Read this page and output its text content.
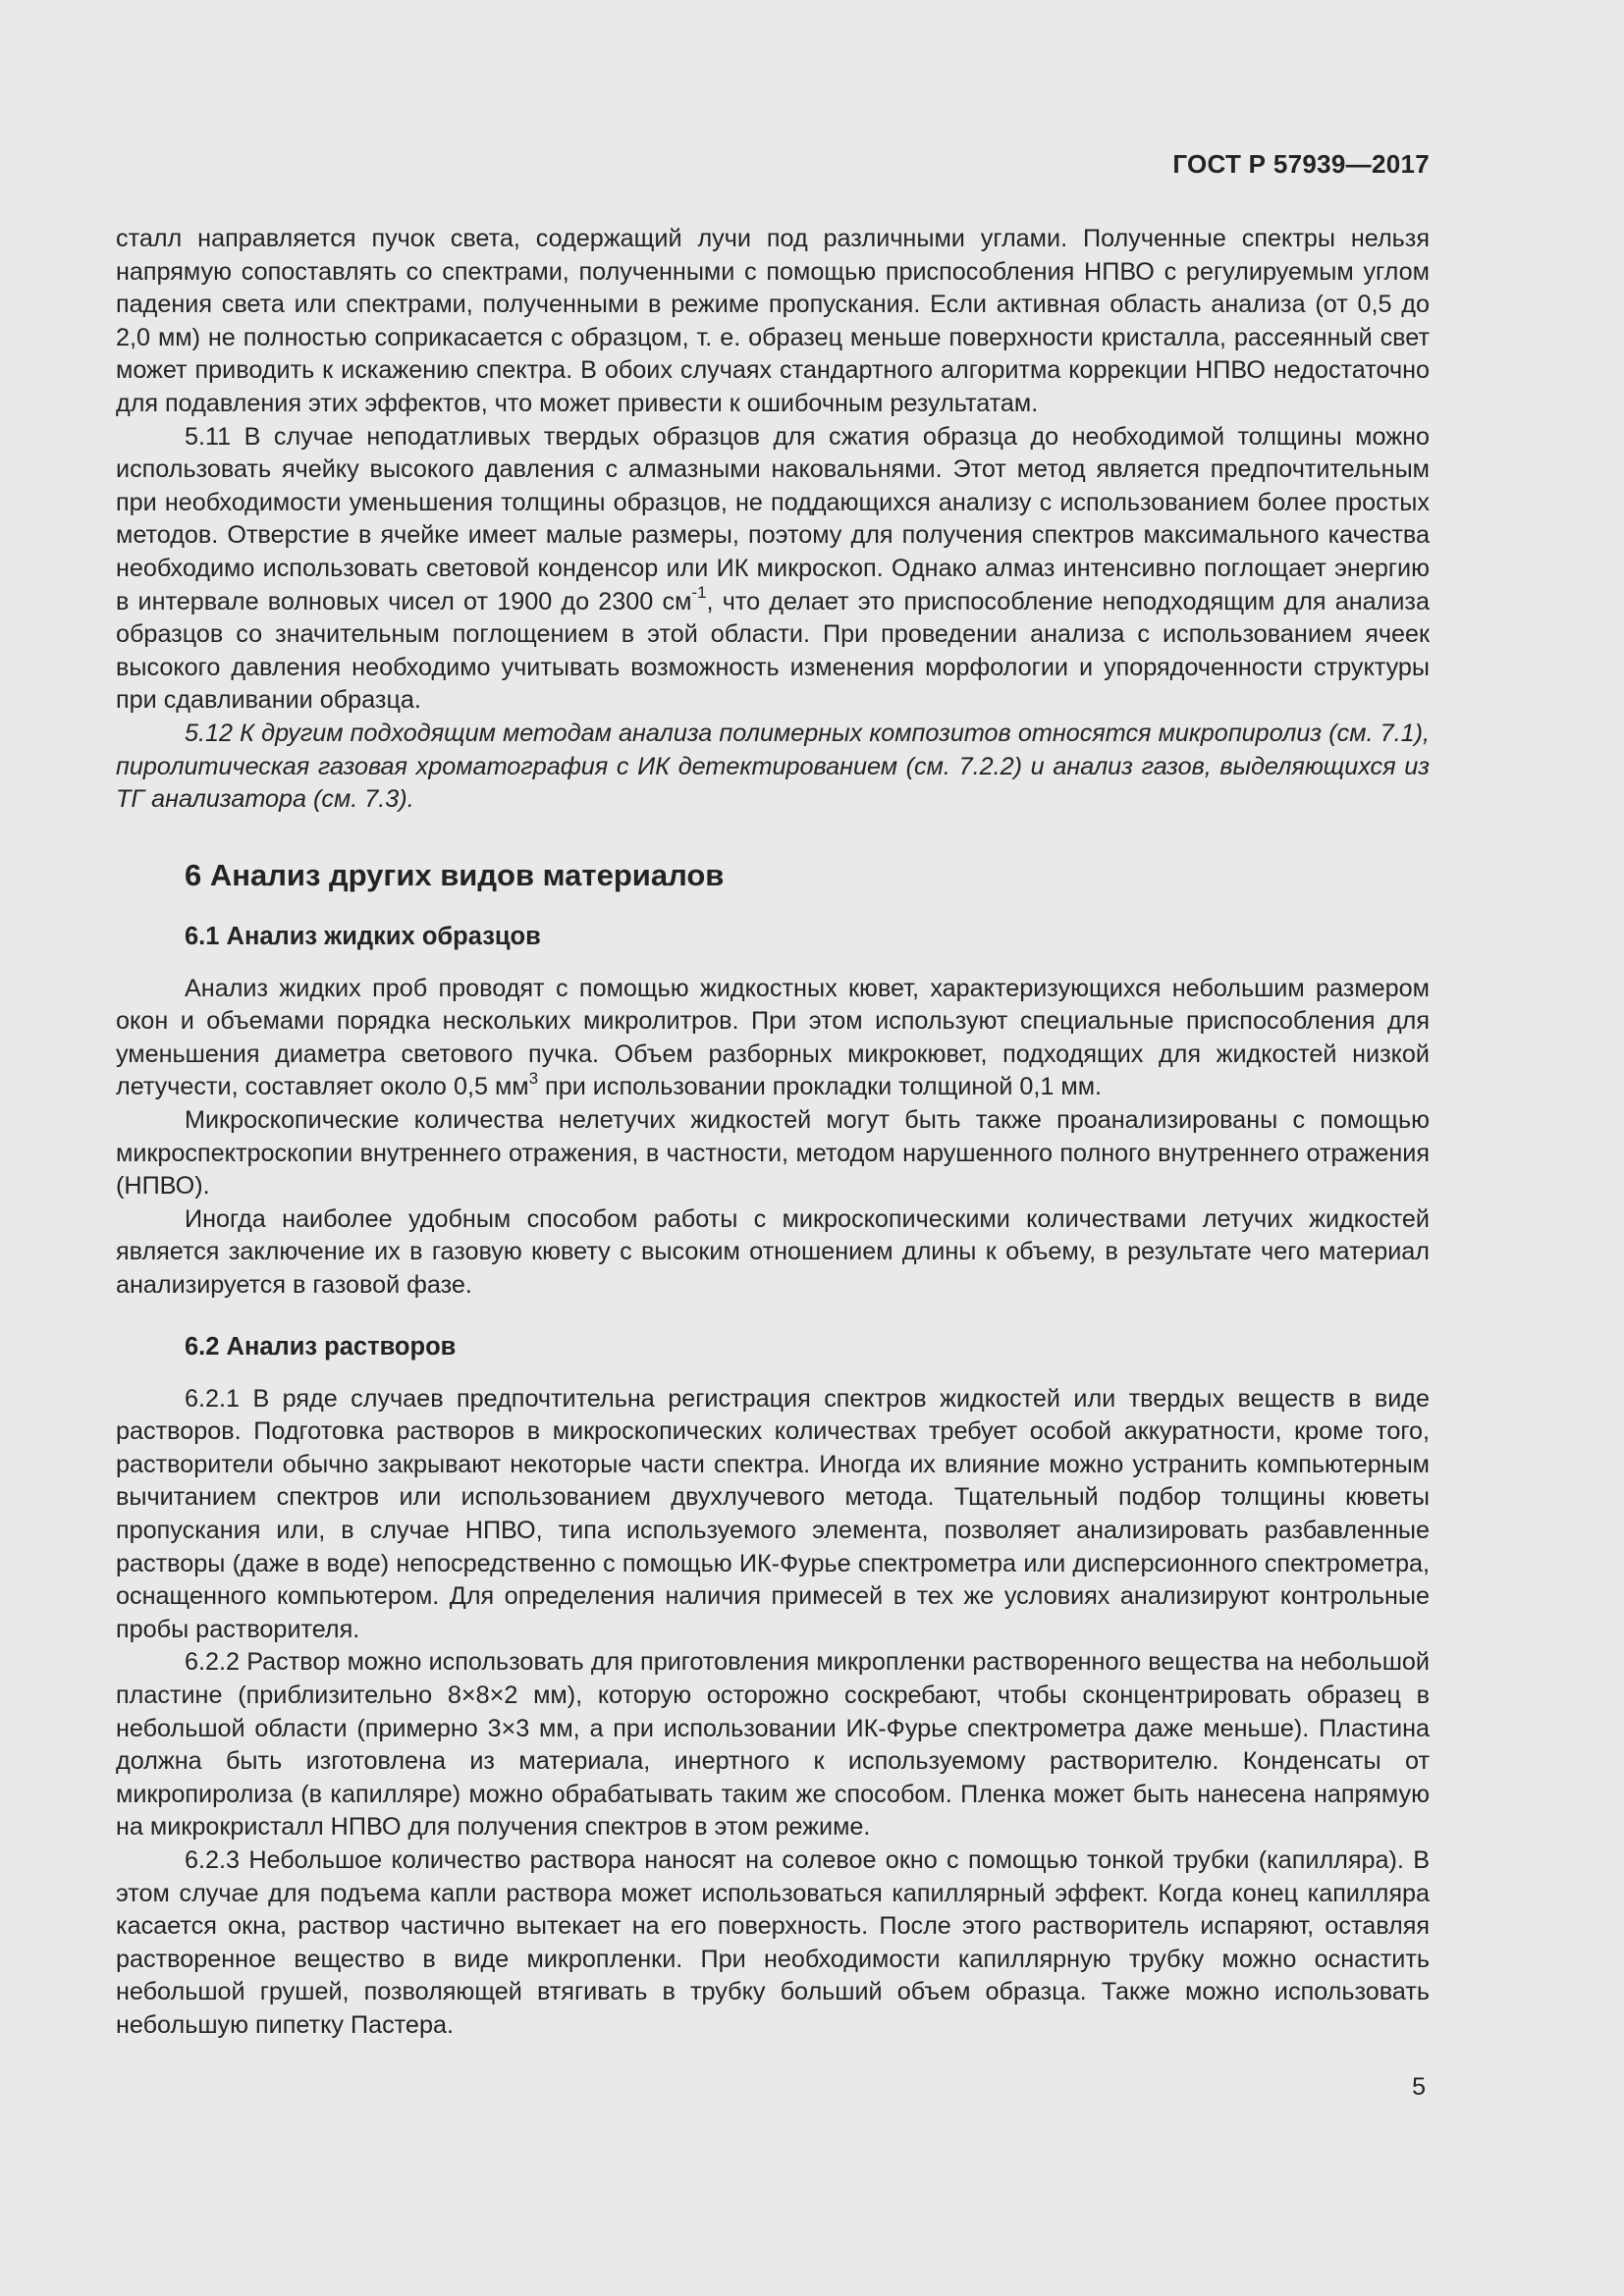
ГОСТ Р 57939—2017

сталл направляется пучок света, содержащий лучи под различными углами. Полученные спектры нельзя напрямую сопоставлять со спектрами, полученными с помощью приспособления НПВО с регулируемым углом падения света или спектрами, полученными в режиме пропускания. Если активная область анализа (от 0,5 до 2,0 мм) не полностью соприкасается с образцом, т. е. образец меньше поверхности кристалла, рассеянный свет может приводить к искажению спектра. В обоих случаях стандартного алгоритма коррекции НПВО недостаточно для подавления этих эффектов, что может привести к ошибочным результатам.

5.11 В случае неподатливых твердых образцов для сжатия образца до необходимой толщины можно использовать ячейку высокого давления с алмазными наковальнями. Этот метод является предпочтительным при необходимости уменьшения толщины образцов, не поддающихся анализу с использованием более простых методов. Отверстие в ячейке имеет малые размеры, поэтому для получения спектров максимального качества необходимо использовать световой конденсор или ИК микроскоп. Однако алмаз интенсивно поглощает энергию в интервале волновых чисел от 1900 до 2300 $см^{-1}$, что делает это приспособление неподходящим для анализа образцов со значительным поглощением в этой области. При проведении анализа с использованием ячеек высокого давления необходимо учитывать возможность изменения морфологии и упорядоченности структуры при сдавливании образца.

5.12 К другим подходящим методам анализа полимерных композитов относятся микропиролиз (см. 7.1), пиролитическая газовая хроматография с ИК детектированием (см. 7.2.2) и анализ газов, выделяющихся из ТГ анализатора (см. 7.3).

6 Анализ других видов материалов
6.1 Анализ жидких образцов

Анализ жидких проб проводят с помощью жидкостных кювет, характеризующихся небольшим размером окон и объемами порядка нескольких микролитров. При этом используют специальные приспособления для уменьшения диаметра светового пучка. Объем разборных микрокювет, подходящих для жидкостей низкой летучести, составляет около 0,5 $мм^3$ при использовании прокладки толщиной 0,1 мм.

Микроскопические количества нелетучих жидкостей могут быть также проанализированы с помощью микроспектроскопии внутреннего отражения, в частности, методом нарушенного полного внутреннего отражения (НПВО).

Иногда наиболее удобным способом работы с микроскопическими количествами летучих жидкостей является заключение их в газовую кювету с высоким отношением длины к объему, в результате чего материал анализируется в газовой фазе.

6.2 Анализ растворов

6.2.1 В ряде случаев предпочтительна регистрация спектров жидкостей или твердых веществ в виде растворов. Подготовка растворов в микроскопических количествах требует особой аккуратности, кроме того, растворители обычно закрывают некоторые части спектра. Иногда их влияние можно устранить компьютерным вычитанием спектров или использованием двухлучевого метода. Тщательный подбор толщины кюветы пропускания или, в случае НПВО, типа используемого элемента, позволяет анализировать разбавленные растворы (даже в воде) непосредственно с помощью ИК-Фурье спектрометра или дисперсионного спектрометра, оснащенного компьютером. Для определения наличия примесей в тех же условиях анализируют контрольные пробы растворителя.

6.2.2 Раствор можно использовать для приготовления микропленки растворенного вещества на небольшой пластине (приблизительно 8×8×2 мм), которую осторожно соскребают, чтобы сконцентрировать образец в небольшой области (примерно 3×3 мм, а при использовании ИК-Фурье спектрометра даже меньше). Пластина должна быть изготовлена из материала, инертного к используемому растворителю. Конденсаты от микропиролиза (в капилляре) можно обрабатывать таким же способом. Пленка может быть нанесена напрямую на микрокристалл НПВО для получения спектров в этом режиме.

6.2.3 Небольшое количество раствора наносят на солевое окно с помощью тонкой трубки (капилляра). В этом случае для подъема капли раствора может использоваться капиллярный эффект. Когда конец капилляра касается окна, раствор частично вытекает на его поверхность. После этого растворитель испаряют, оставляя растворенное вещество в виде микропленки. При необходимости капиллярную трубку можно оснастить небольшой грушей, позволяющей втягивать в трубку больший объем образца. Также можно использовать небольшую пипетку Пастера.

5
